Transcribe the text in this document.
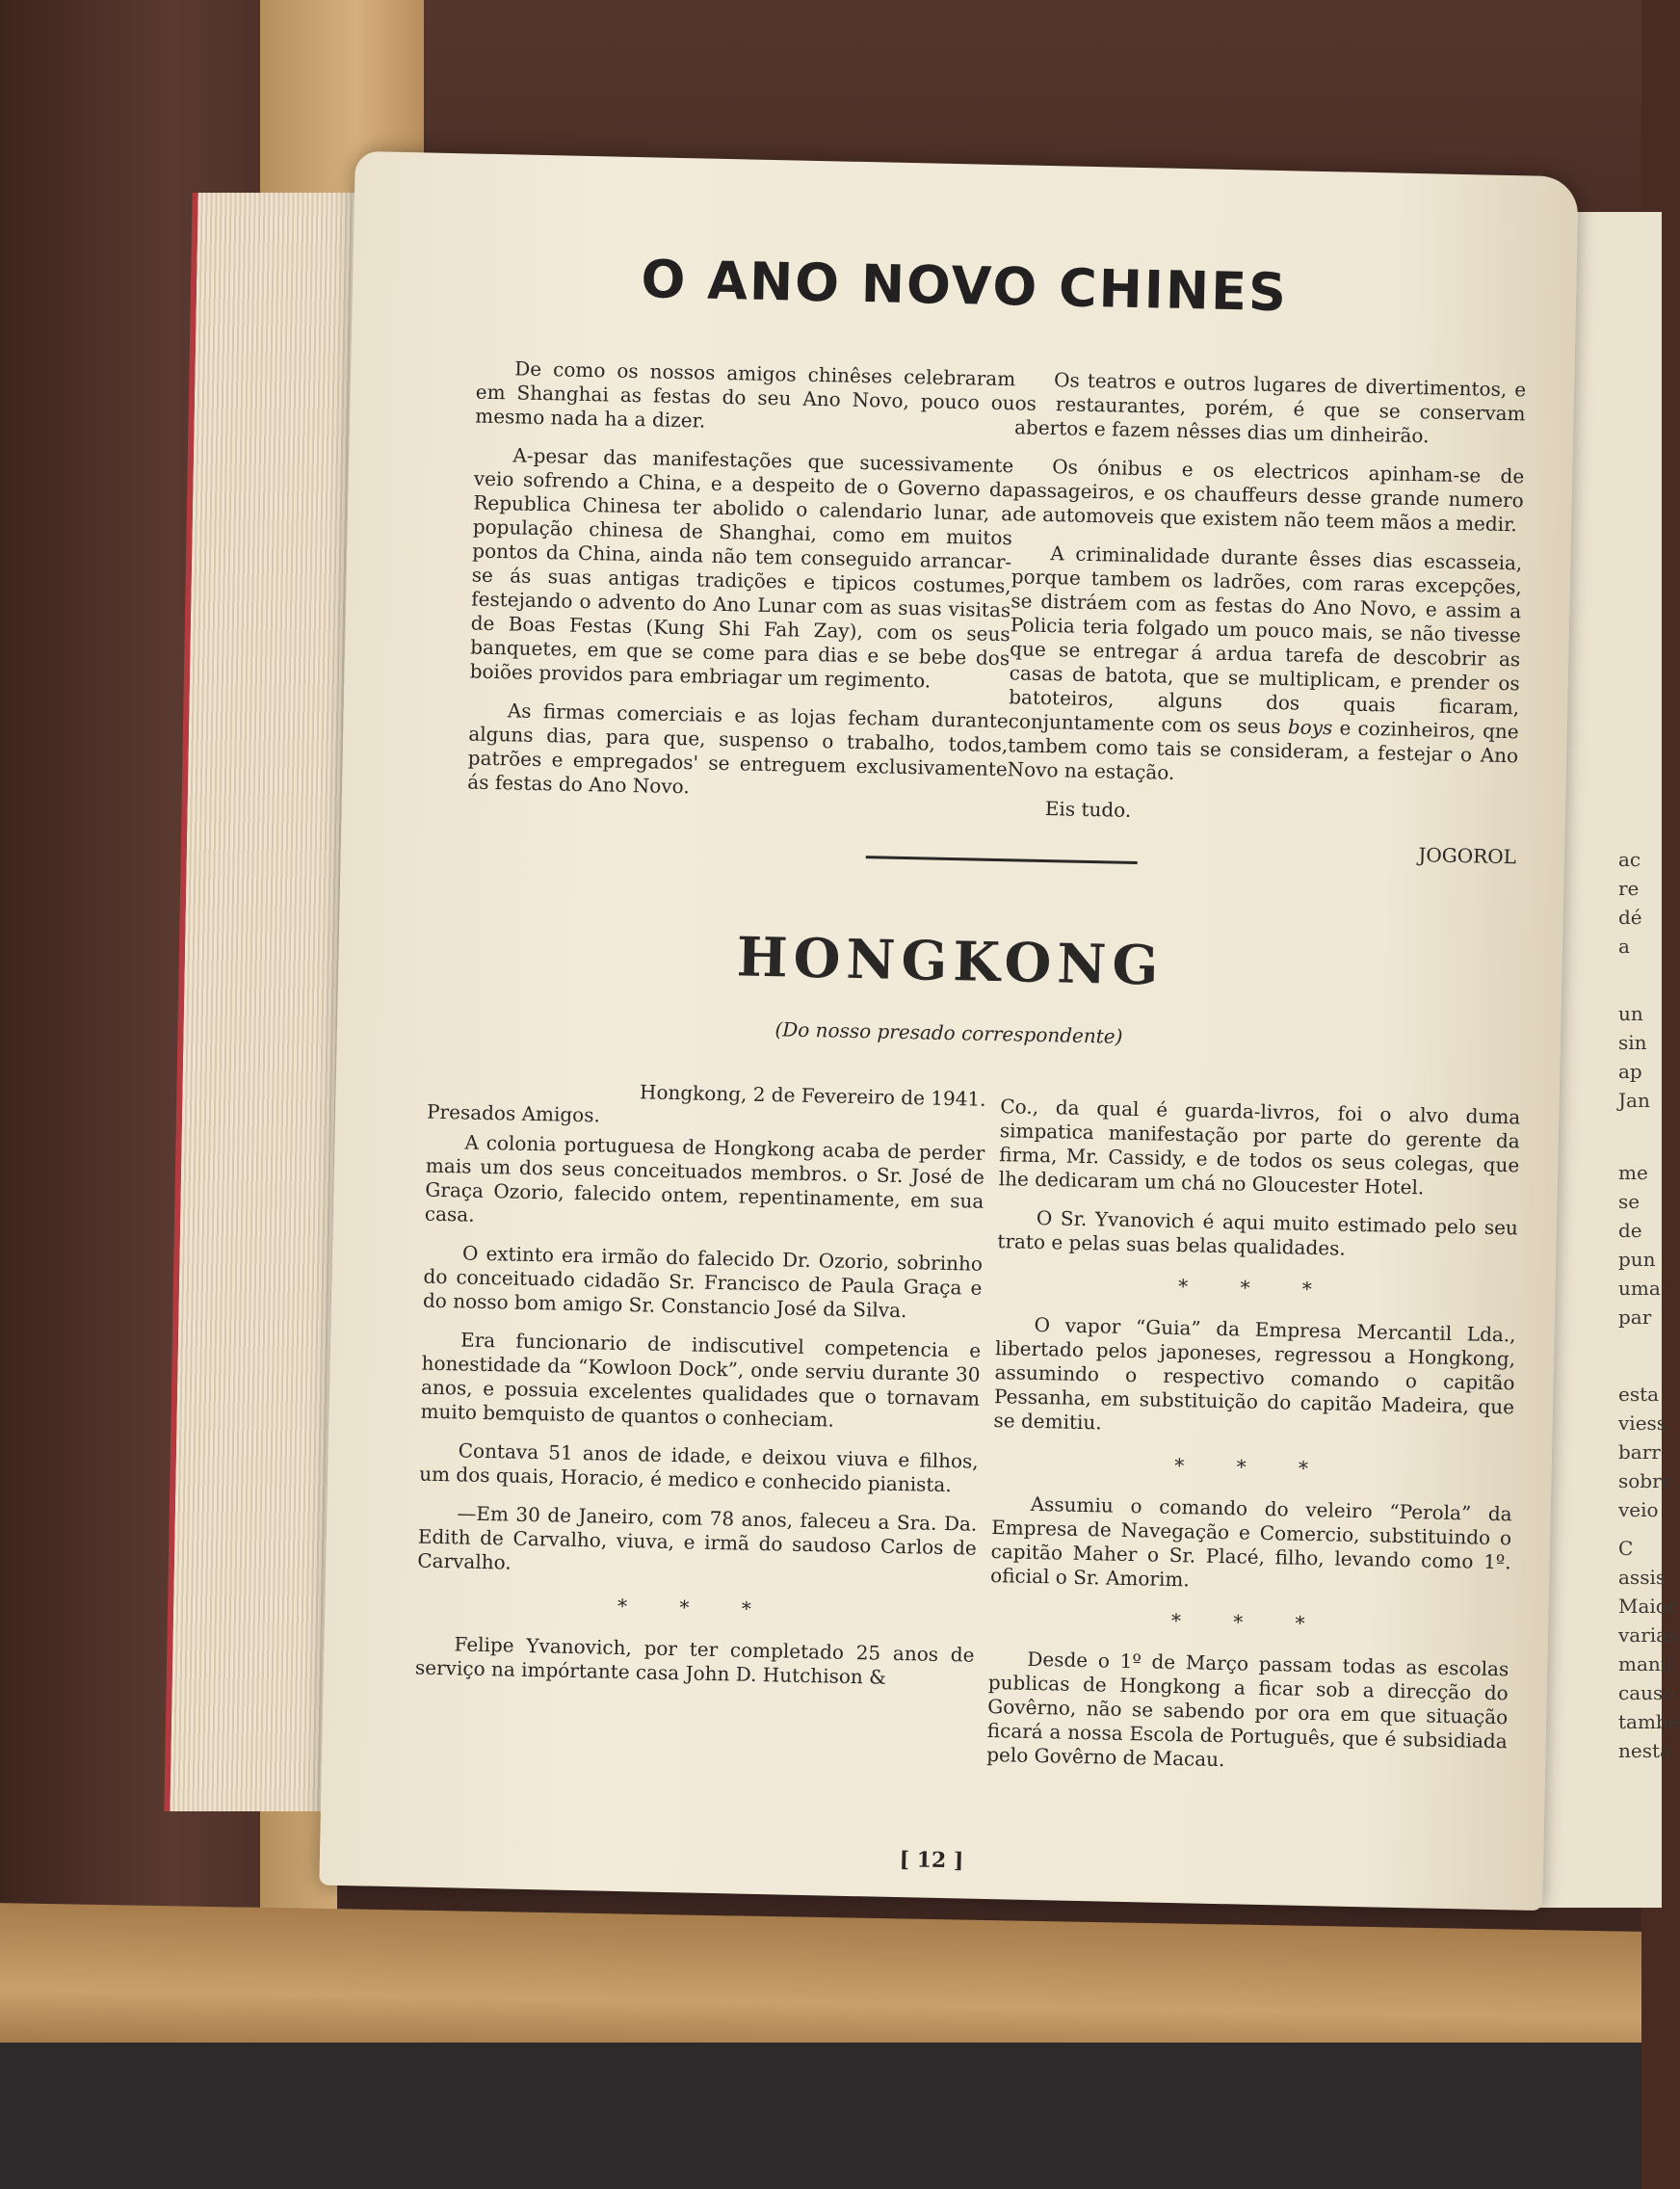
ac
re
dé
a
un
sin
ap
Jan
me
se
de
pun
uma
par
esta
viess
barr
sobre
veio
C
assis
Maior
varias
manif
causo
tambe
nesta
O ANO NOVO CHINES

De como os nossos amigos chinêses celebraram em Shanghai as festas do seu Ano Novo, pouco ou mesmo nada ha a dizer.

A-pesar das manifestações que sucessivamente veio sofrendo a China, e a despeito de o Governo da Republica Chinesa ter abolido o calendario lunar, a população chinesa de Shanghai, como em muitos pontos da China, ainda não tem conseguido arrancar-se ás suas antigas tradições e tipicos costumes, festejando o advento do Ano Lunar com as suas visitas de Boas Festas (Kung Shi Fah Zay), com os seus banquetes, em que se come para dias e se bebe dos boiões providos para embriagar um regimento.

As firmas comerciais e as lojas fecham durante alguns dias, para que, suspenso o trabalho, todos, patrões e empregados' se entreguem exclusivamente ás festas do Ano Novo.

Os teatros e outros lugares de divertimentos, e os restaurantes, porém, é que se conservam abertos e fazem nêsses dias um dinheirão.

Os ónibus e os electricos apinham-se de passageiros, e os chauffeurs desse grande numero de automoveis que existem não teem mãos a medir.

A criminalidade durante êsses dias escasseia, porque tambem os ladrões, com raras excepções, se distráem com as festas do Ano Novo, e assim a Policia teria folgado um pouco mais, se não tivesse que se entregar á ardua tarefa de descobrir as casas de batota, que se multiplicam, e prender os batoteiros, alguns dos quais ficaram, conjuntamente com os seus boys e cozinheiros, qne tambem como tais se consideram, a festejar o Ano Novo na estação.

Eis tudo.

JOGOROL

HONGKONG
(Do nosso presado correspondente)

Hongkong, 2 de Fevereiro de 1941.

Presados Amigos.

A colonia portuguesa de Hongkong acaba de perder mais um dos seus conceituados membros. o Sr. José de Graça Ozorio, falecido ontem, repentinamente, em sua casa.

O extinto era irmão do falecido Dr. Ozorio, sobrinho do conceituado cidadão Sr. Francisco de Paula Graça e do nosso bom amigo Sr. Constancio José da Silva.

Era funcionario de indiscutivel competencia e honestidade da “Kowloon Dock”, onde serviu durante 30 anos, e possuia excelentes qualidades que o tornavam muito bemquisto de quantos o conheciam.

Contava 51 anos de idade, e deixou viuva e filhos, um dos quais, Horacio, é medico e conhecido pianista.

—Em 30 de Janeiro, com 78 anos, faleceu a Sra. Da. Edith de Carvalho, viuva, e irmã do saudoso Carlos de Carvalho.

* * *

Felipe Yvanovich, por ter completado 25 anos de serviço na impórtante casa John D. Hutchison &

Co., da qual é guarda-livros, foi o alvo duma simpatica manifestação por parte do gerente da firma, Mr. Cassidy, e de todos os seus colegas, que lhe dedicaram um chá no Gloucester Hotel.

O Sr. Yvanovich é aqui muito estimado pelo seu trato e pelas suas belas qualidades.

* * *

O vapor “Guia” da Empresa Mercantil Lda., libertado pelos japoneses, regressou a Hongkong, assumindo o respectivo comando o capitão Pessanha, em substituição do capitão Madeira, que se demitiu.

* * *

Assumiu o comando do veleiro “Perola” da Empresa de Navegação e Comercio, substituindo o capitão Maher o Sr. Placé, filho, levando como 1º. oficial o Sr. Amorim.

* * *

Desde o 1º de Março passam todas as escolas publicas de Hongkong a ficar sob a direcção do Govêrno, não se sabendo por ora em que situação ficará a nossa Escola de Português, que é subsidiada pelo Govêrno de Macau.

[ 12 ]
